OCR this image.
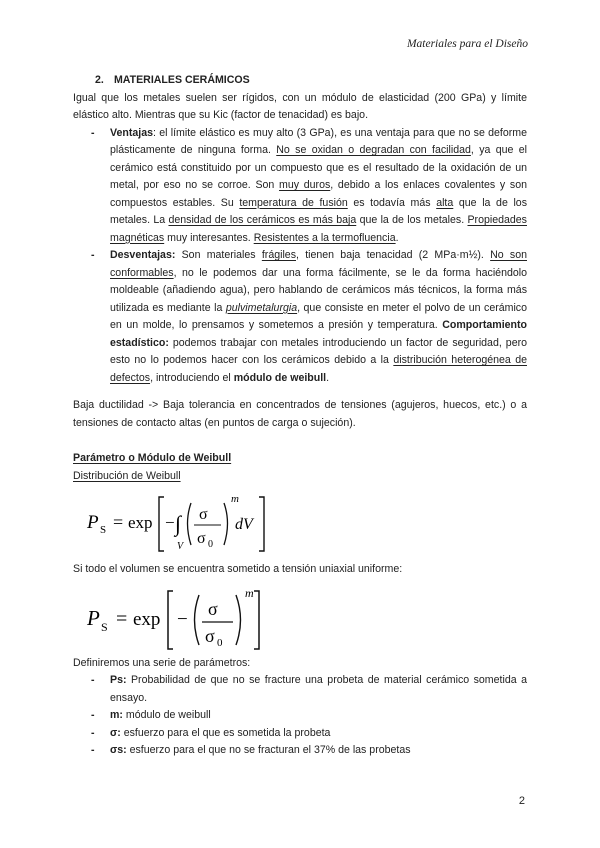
Materiales para el Diseño

2. MATERIALES CERÁMICOS

Igual que los metales suelen ser rígidos, con un módulo de elasticidad (200 GPa) y límite elástico alto. Mientras que su Kic (factor de tenacidad) es bajo.

- Ventajas: el límite elástico es muy alto (3 GPa), es una ventaja para que no se deforme plásticamente de ninguna forma. No se oxidan o degradan con facilidad, ya que el cerámico está constituido por un compuesto que es el resultado de la oxidación de un metal, por eso no se corroe. Son muy duros, debido a los enlaces covalentes y son compuestos estables. Su temperatura de fusión es todavía más alta que la de los metales. La densidad de los cerámicos es más baja que la de los metales. Propiedades magnéticas muy interesantes. Resistentes a la termofluencia.
- Desventajas: Son materiales frágiles, tienen baja tenacidad (2 MPa·m½). No son conformables, no le podemos dar una forma fácilmente, se le da forma haciéndolo moldeable (añadiendo agua), pero hablando de cerámicos más técnicos, la forma más utilizada es mediante la pulvimetalurgia, que consiste en meter el polvo de un cerámico en un molde, lo prensamos y sometemos a presión y temperatura. Comportamiento estadístico: podemos trabajar con metales introduciendo un factor de seguridad, pero esto no lo podemos hacer con los cerámicos debido a la distribución heterogénea de defectos, introduciendo el módulo de weibull.

Baja ductilidad -> Baja tolerancia en concentrados de tensiones (agujeros, huecos, etc.) o a tensiones de contacto altas (en puntos de carga o sujeción).

Parámetro o Módulo de Weibull

Distribución de Weibull

P S = exp − ∫
V
σ
σ 0
m
dV

Si todo el volumen se encuentra sometido a tensión uniaxial uniforme:

P S = exp − σ
σ 0
m

Definiremos una serie de parámetros:

- Ps: Probabilidad de que no se fracture una probeta de material cerámico sometida a ensayo.
- m: módulo de weibull
- σ: esfuerzo para el que es sometida la probeta
- σs: esfuerzo para el que no se fracturan el 37% de las probetas
2
